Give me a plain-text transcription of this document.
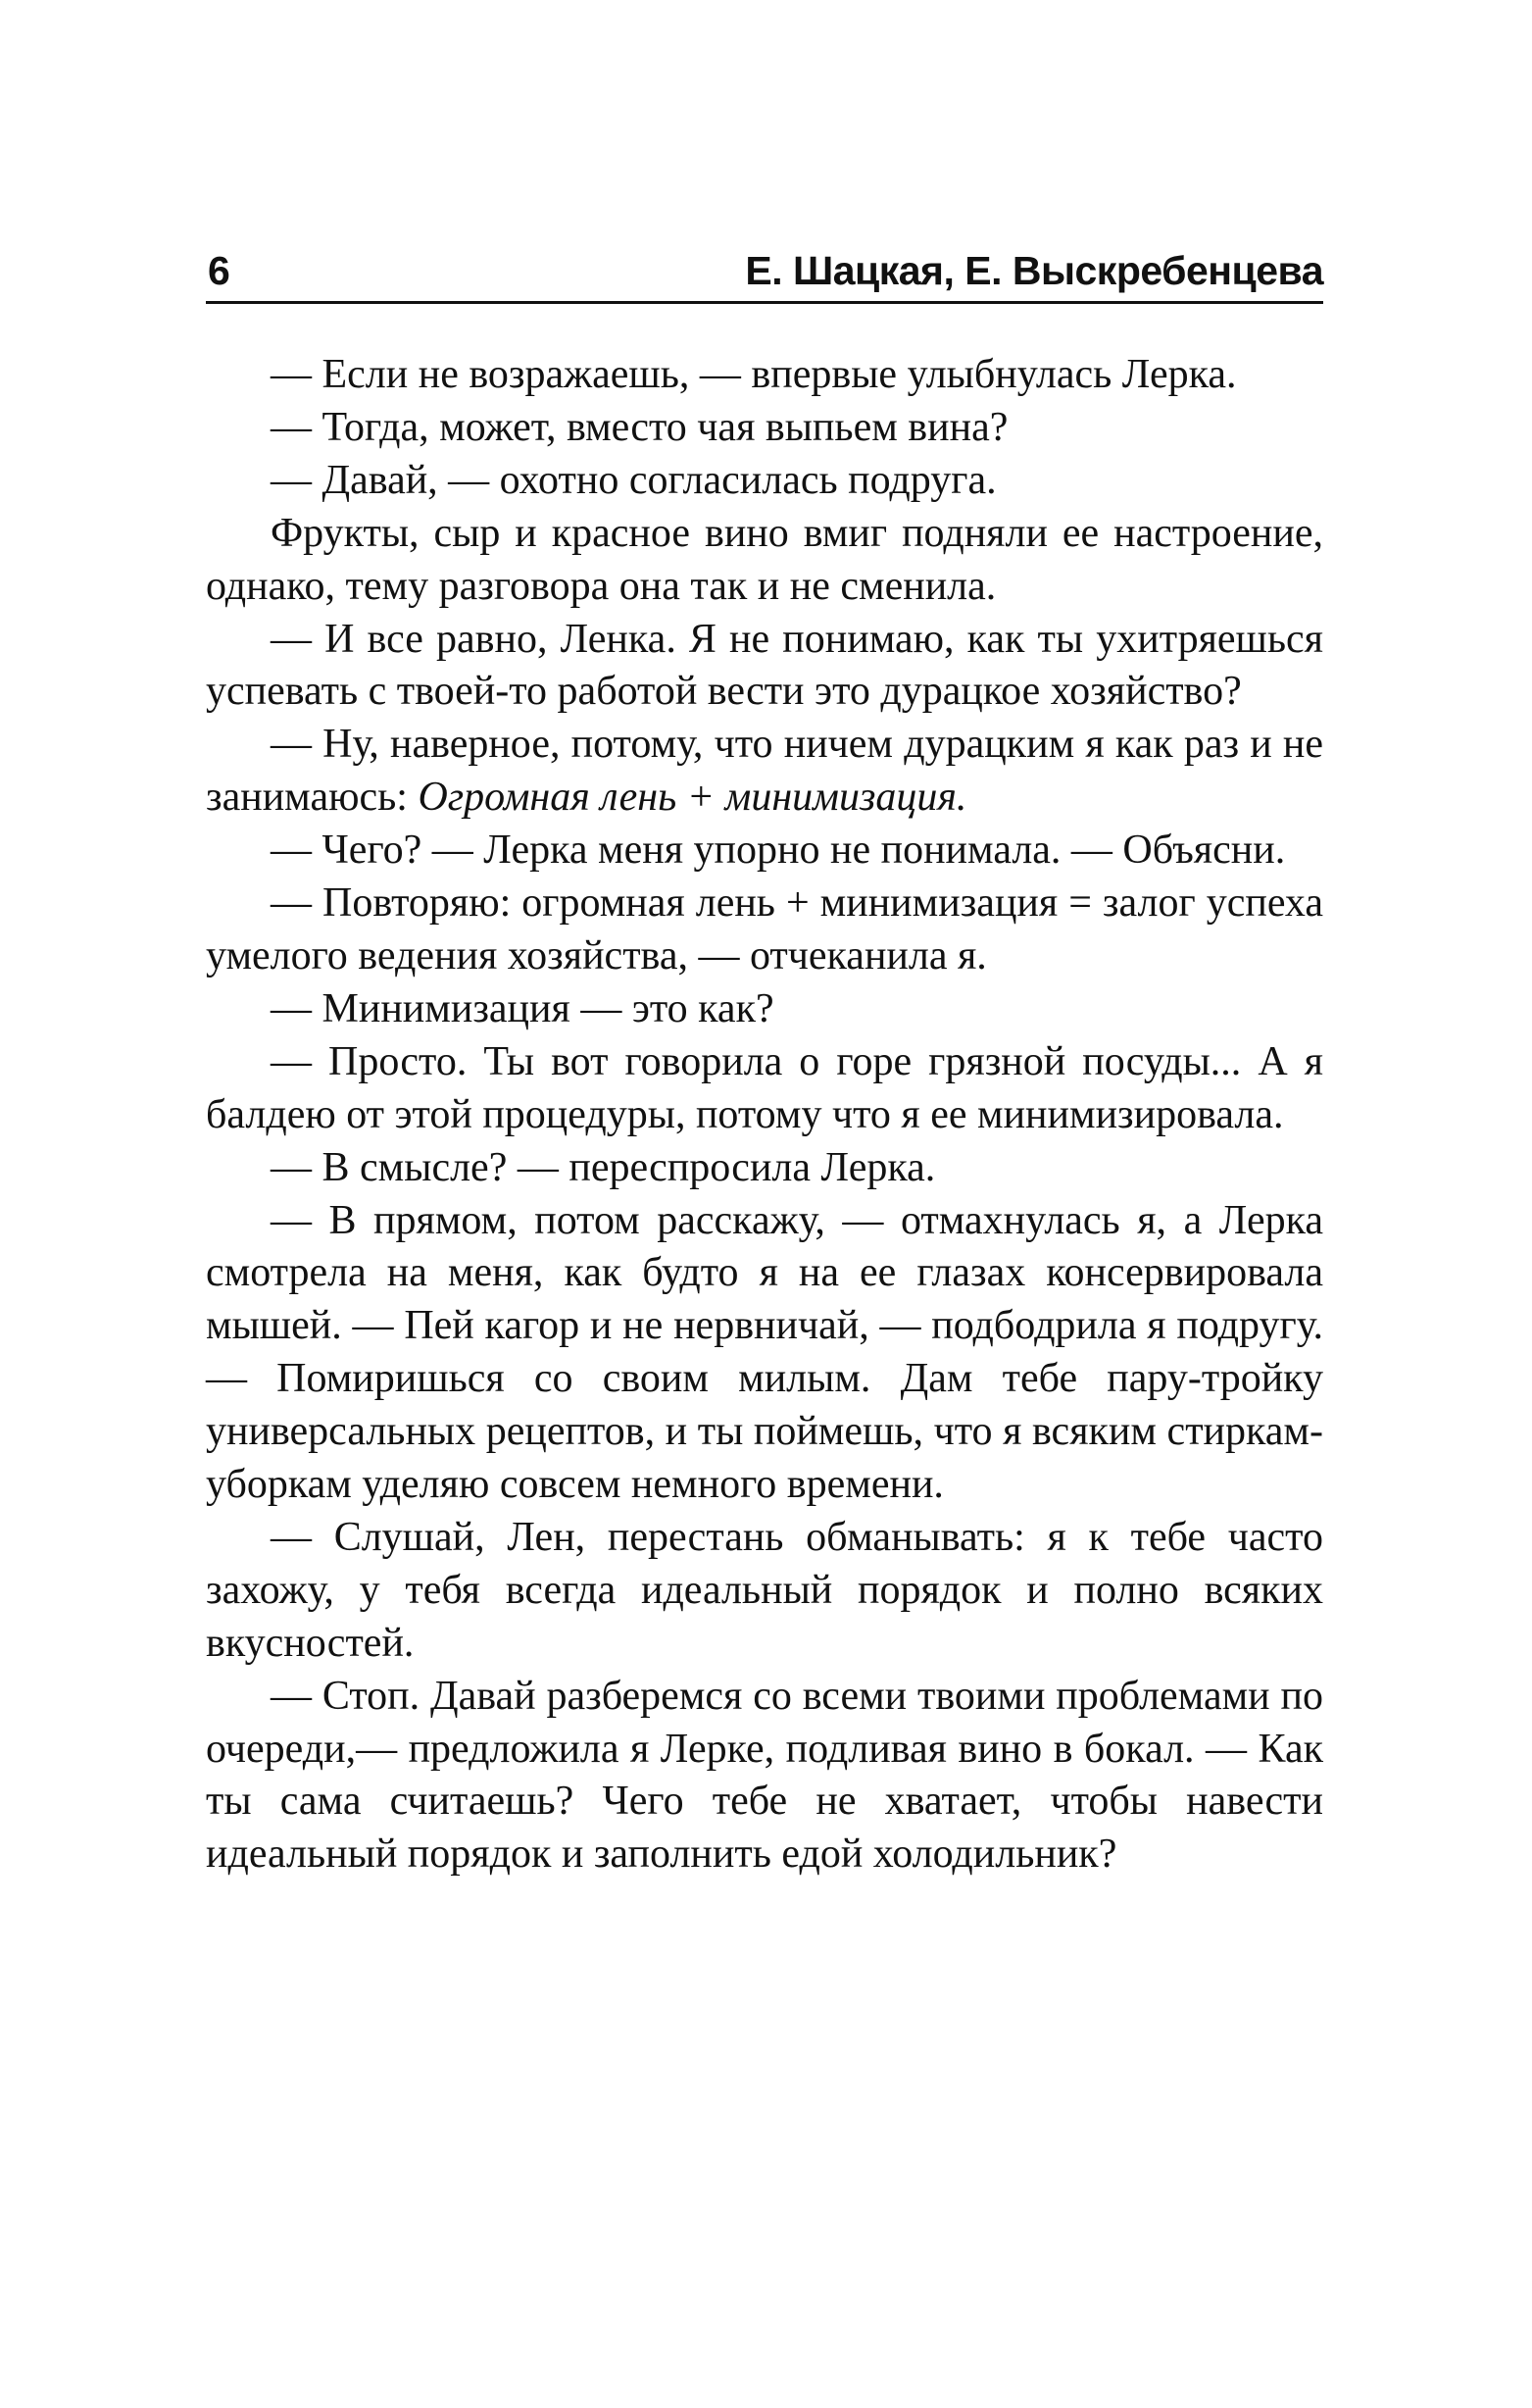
6	Е. Шацкая, Е. Выскребенцева

— Если не возражаешь, — впервые улыбнулась Лерка.

— Тогда, может, вместо чая выпьем вина?

— Давай, — охотно согласилась подруга.

Фрукты, сыр и красное вино вмиг подняли ее настроение, однако, тему разговора она так и не сменила.

— И все равно, Ленка. Я не понимаю, как ты ухитряешься успевать с твоей-то работой вести это дурацкое хозяйство?

— Ну, наверное, потому, что ничем дурацким я как раз и не занимаюсь: Огромная лень + минимизация.

— Чего? — Лерка меня упорно не понимала. — Объясни.

— Повторяю: огромная лень + минимизация = залог успеха умелого ведения хозяйства, — отчеканила я.

— Минимизация — это как?

— Просто. Ты вот говорила о горе грязной посуды... А я балдею от этой процедуры, потому что я ее минимизировала.

— В смысле? — переспросила Лерка.

— В прямом, потом расскажу, — отмахнулась я, а Лерка смотрела на меня, как будто я на ее глазах консервировала мышей. — Пей кагор и не нервничай, — подбодрила я подругу. — Помиришься со своим милым. Дам тебе пару-тройку универсальных рецептов, и ты поймешь, что я всяким стиркам-уборкам уделяю совсем немного времени.

— Слушай, Лен, перестань обманывать: я к тебе часто захожу, у тебя всегда идеальный порядок и полно всяких вкусностей.

— Стоп. Давай разберемся со всеми твоими проблемами по очереди,— предложила я Лерке, подливая вино в бокал. — Как ты сама считаешь? Чего тебе не хватает, чтобы навести идеальный порядок и заполнить едой холодильник?
